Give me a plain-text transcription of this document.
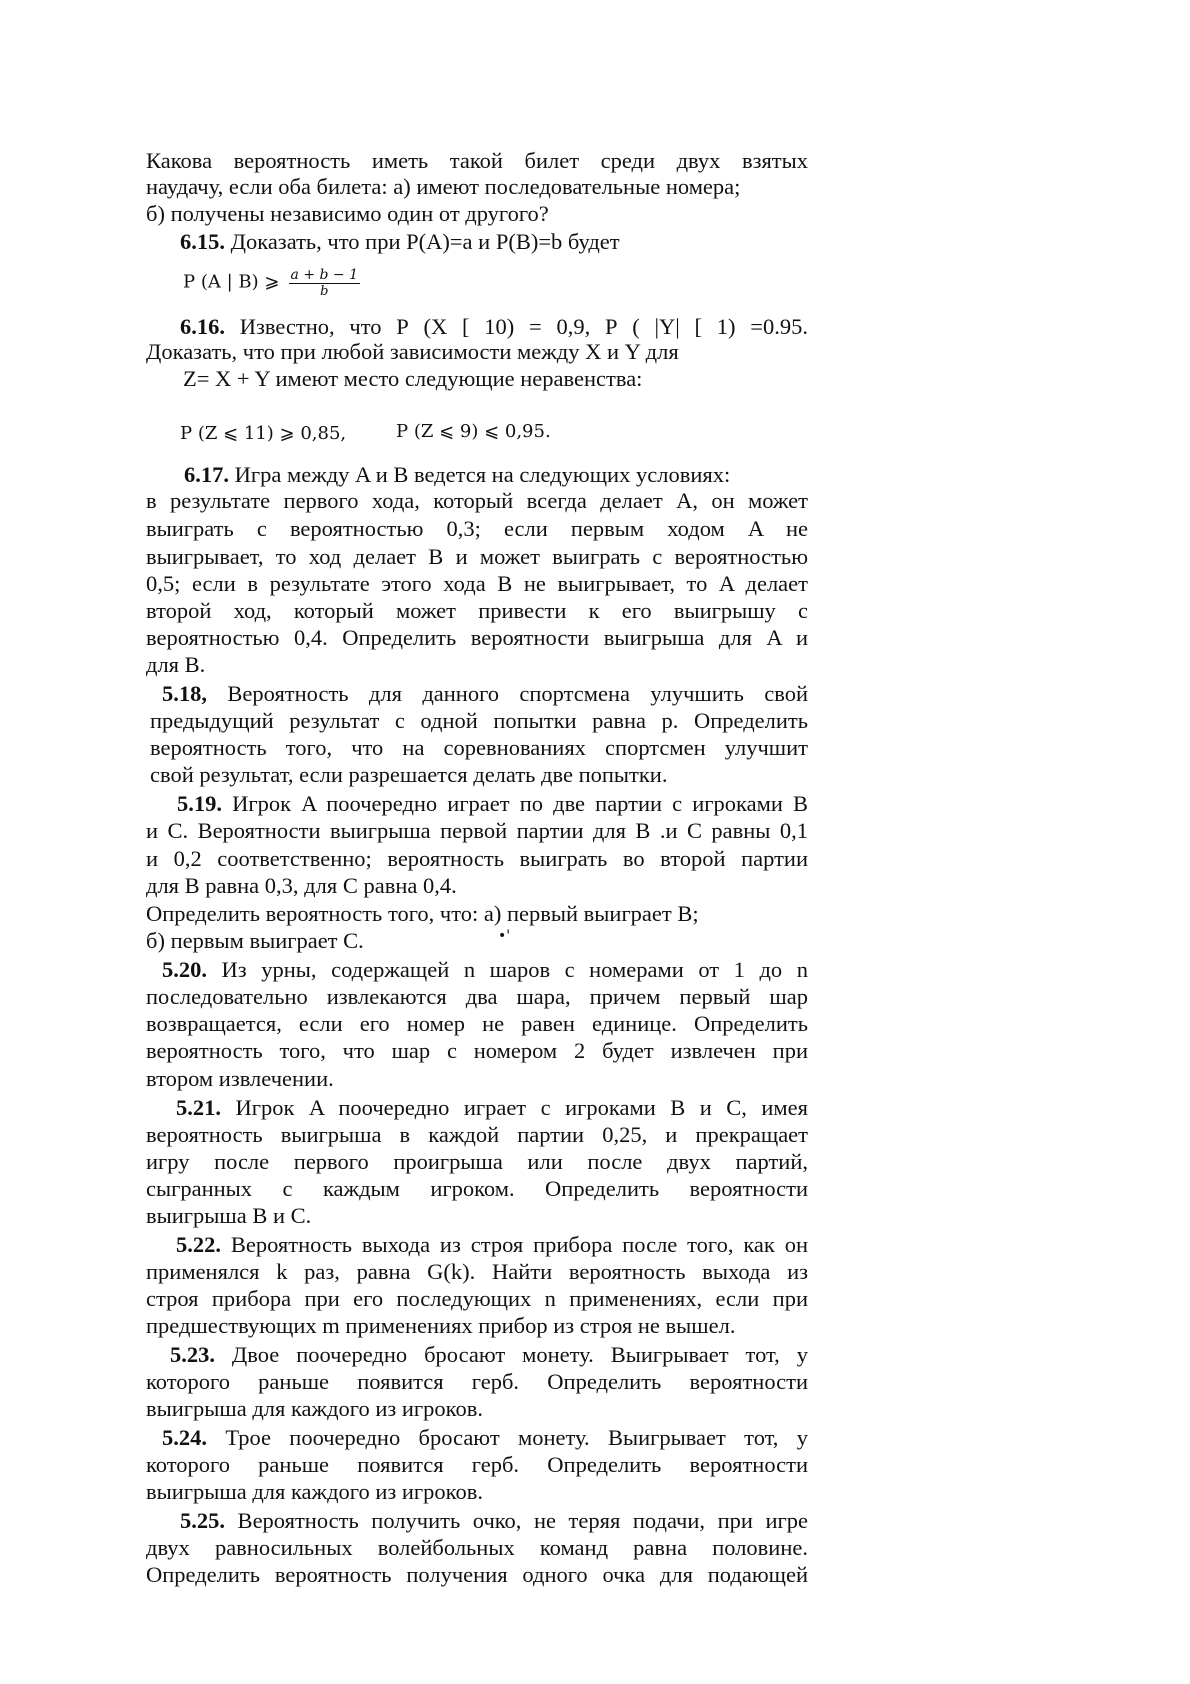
Какова вероятность иметь такой билет среди двух взятых
наудачу, если оба билета: а) имеют последовательные номера;
б) получены независимо один от другого?
6.15. Доказать, что при P(A)=a и P(B)=b будет
P (A | B) ⩾ $\frac{a + b - 1}{b}$
6.16. Известно, что Р (X [ 10) = 0,9, Р ( |Y| [ 1) =0.95.
Доказать, что при любой зависимости между X и Y для
Z= X + Y имеют место следующие неравенства:
P (Z ⩽ 11) ⩾ 0,85,	P (Z ⩽ 9) ⩽ 0,95.
6.17. Игра между A и B ведется на следующих условиях:
в результате первого хода, который всегда делает A, он может
выиграть с вероятностью 0,3; если первым ходом A не
выигрывает, то ход делает B и может выиграть с вероятностью
0,5; если в результате этого хода B не выигрывает, то A делает
второй ход, который может привести к его выигрышу с
вероятностью 0,4. Определить вероятности выигрыша для A и
для B.
5.18, Вероятность для данного спортсмена улучшить свой
предыдущий результат с одной попытки равна p. Определить
вероятность того, что на соревнованиях спортсмен улучшит
свой результат, если разрешается делать две попытки.
5.19. Игрок A поочередно играет по две партии с игроками B
и C. Вероятности выигрыша первой партии для B .и С равны 0,1
и 0,2 соответственно; вероятность выиграть во второй партии
для B равна 0,3, для С равна 0,4.
Определить вероятность того, что: а) первый выиграет B;
б) первым выиграет C.	•'
5.20. Из урны, содержащей n шаров с номерами от 1 до n
последовательно извлекаются два шара, причем первый шар
возвращается, если его номер не равен единице. Определить
вероятность того, что шар с номером 2 будет извлечен при
втором извлечении.
5.21. Игрок A поочередно играет с игроками В и С, имея
вероятность выигрыша в каждой партии 0,25, и прекращает
игру после первого проигрыша или после двух партий,
сыгранных с каждым игроком. Определить вероятности
выигрыша B и C.
5.22. Вероятность выхода из строя прибора после того, как он
применялся k раз, равна G(k). Найти вероятность выхода из
строя прибора при его последующих n применениях, если при
предшествующих m применениях прибор из строя не вышел.
5.23. Двое поочередно бросают монету. Выигрывает тот, у
которого раньше появится герб. Определить вероятности
выигрыша для каждого из игроков.
5.24. Трое поочередно бросают монету. Выигрывает тот, у
которого раньше появится герб. Определить вероятности
выигрыша для каждого из игроков.
5.25. Вероятность получить очко, не теряя подачи, при игре
двух равносильных волейбольных команд равна половине.
Определить вероятность получения одного очка для подающей
